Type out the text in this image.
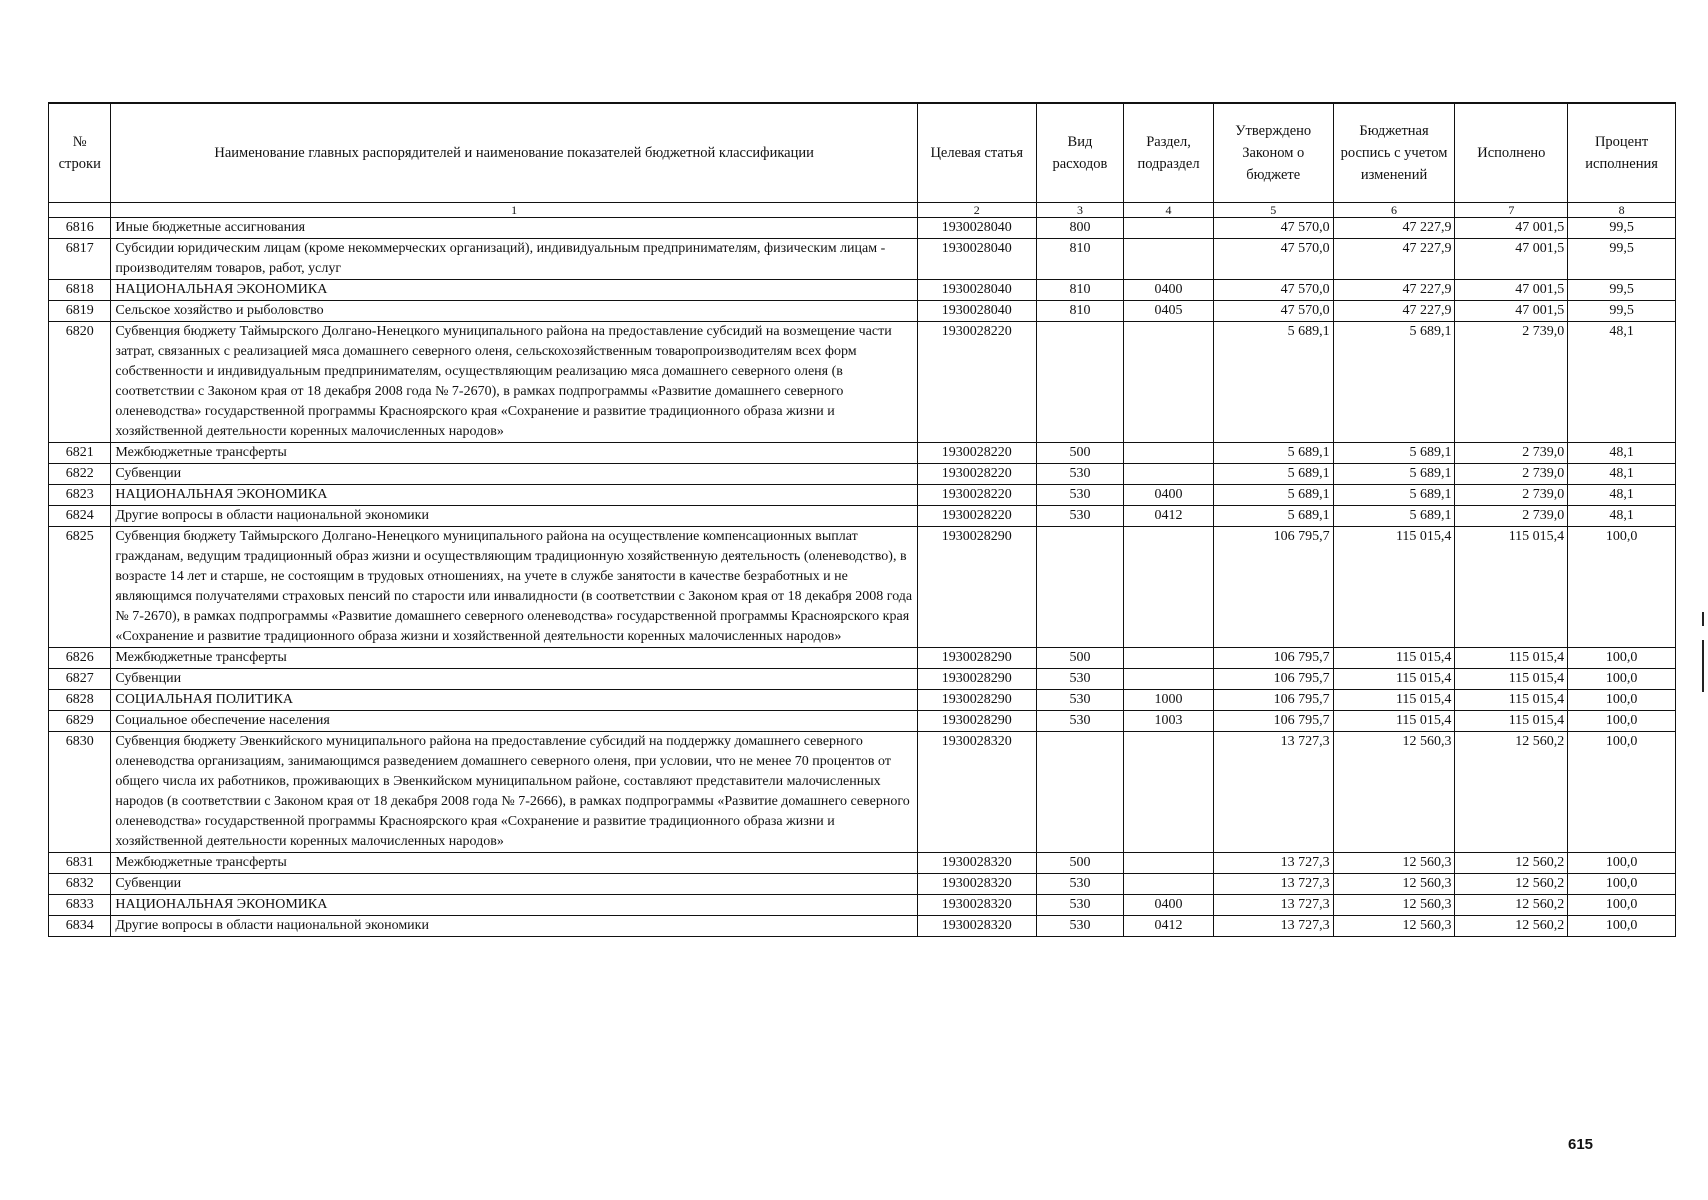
№ строки	Наименование главных распорядителей и наименование показателей бюджетной классификации	Целевая статья	Вид расходов	Раздел, подраздел	Утверждено Законом о бюджете	Бюджетная роспись с учетом изменений	Исполнено	Процент исполнения
	1	2	3	4	5	6	7	8
6816	Иные бюджетные ассигнования	1930028040	800		47 570,0	47 227,9	47 001,5	99,5
6817	Субсидии юридическим лицам (кроме некоммерческих организаций), индивидуальным предпринимателям, физическим лицам - производителям товаров, работ, услуг	1930028040	810		47 570,0	47 227,9	47 001,5	99,5
6818	НАЦИОНАЛЬНАЯ ЭКОНОМИКА	1930028040	810	0400	47 570,0	47 227,9	47 001,5	99,5
6819	Сельское хозяйство и рыболовство	1930028040	810	0405	47 570,0	47 227,9	47 001,5	99,5
6820	Субвенция бюджету Таймырского Долгано-Ненецкого муниципального района на предоставление субсидий на возмещение части затрат, связанных с реализацией мяса домашнего северного оленя, сельскохозяйственным товаропроизводителям всех форм собственности и индивидуальным предпринимателям, осуществляющим реализацию мяса домашнего северного оленя (в соответствии с Законом края от 18 декабря 2008 года № 7-2670), в рамках подпрограммы «Развитие домашнего северного оленеводства» государственной программы Красноярского края «Сохранение и развитие традиционного образа жизни и хозяйственной деятельности коренных малочисленных народов»	1930028220			5 689,1	5 689,1	2 739,0	48,1
6821	Межбюджетные трансферты	1930028220	500		5 689,1	5 689,1	2 739,0	48,1
6822	Субвенции	1930028220	530		5 689,1	5 689,1	2 739,0	48,1
6823	НАЦИОНАЛЬНАЯ ЭКОНОМИКА	1930028220	530	0400	5 689,1	5 689,1	2 739,0	48,1
6824	Другие вопросы в области национальной экономики	1930028220	530	0412	5 689,1	5 689,1	2 739,0	48,1
6825	Субвенция бюджету Таймырского Долгано-Ненецкого муниципального района на осуществление компенсационных выплат гражданам, ведущим традиционный образ жизни и осуществляющим традиционную хозяйственную деятельность (оленеводство), в возрасте 14 лет и старше, не состоящим в трудовых отношениях, на учете в службе занятости в качестве безработных и не являющимся получателями страховых пенсий по старости или инвалидности (в соответствии с Законом края от 18 декабря 2008 года № 7-2670), в рамках подпрограммы «Развитие домашнего северного оленеводства» государственной программы Красноярского края «Сохранение и развитие традиционного образа жизни и хозяйственной деятельности коренных малочисленных народов»	1930028290			106 795,7	115 015,4	115 015,4	100,0
6826	Межбюджетные трансферты	1930028290	500		106 795,7	115 015,4	115 015,4	100,0
6827	Субвенции	1930028290	530		106 795,7	115 015,4	115 015,4	100,0
6828	СОЦИАЛЬНАЯ ПОЛИТИКА	1930028290	530	1000	106 795,7	115 015,4	115 015,4	100,0
6829	Социальное обеспечение населения	1930028290	530	1003	106 795,7	115 015,4	115 015,4	100,0
6830	Субвенция бюджету Эвенкийского муниципального района на предоставление субсидий на поддержку домашнего северного оленеводства организациям, занимающимся разведением домашнего северного оленя, при условии, что не менее 70 процентов от общего числа их работников, проживающих в Эвенкийском муниципальном районе, составляют представители малочисленных народов (в соответствии с Законом края от 18 декабря 2008 года № 7-2666), в рамках подпрограммы «Развитие домашнего северного оленеводства» государственной программы Красноярского края «Сохранение и развитие традиционного образа жизни и хозяйственной деятельности коренных малочисленных народов»	1930028320			13 727,3	12 560,3	12 560,2	100,0
6831	Межбюджетные трансферты	1930028320	500		13 727,3	12 560,3	12 560,2	100,0
6832	Субвенции	1930028320	530		13 727,3	12 560,3	12 560,2	100,0
6833	НАЦИОНАЛЬНАЯ ЭКОНОМИКА	1930028320	530	0400	13 727,3	12 560,3	12 560,2	100,0
6834	Другие вопросы в области национальной экономики	1930028320	530	0412	13 727,3	12 560,3	12 560,2	100,0
615
